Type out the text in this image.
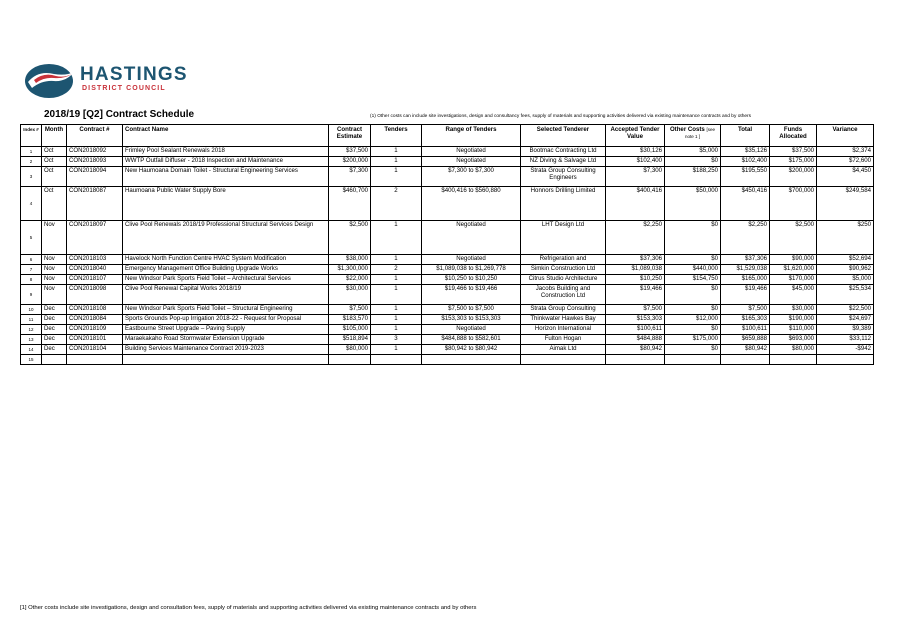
HASTINGS
DISTRICT COUNCIL
2018/19 [Q2] Contract Schedule	(1) Other costs can include site investigations, design and consultancy fees, supply of materials and supporting activities delivered via existing maintenance contracts and by others
Index #	Month	Contract #	Contract Name	Contract Estimate	Tenders	Range of Tenders	Selected Tenderer	Accepted Tender Value	Other Costs [see note 1 ]	Total	Funds Allocated	Variance
1	Oct	CON2018092	Frimley Pool Sealant Renewals 2018	$37,500	1	Negotiated	Bootmac Contracting Ltd	$30,126	$5,000	$35,126	$37,500	$2,374
2	Oct	CON2018093	WWTP Outfall Diffuser - 2018 Inspection and Maintenance	$200,000	1	Negotiated	NZ Diving & Salvage Ltd	$102,400	$0	$102,400	$175,000	$72,600
3	Oct	CON2018094	New Haumoana Domain Toilet - Structural Engineering Services	$7,300	1	$7,300 to $7,300	Strata Group Consulting Engineers	$7,300	$188,250	$195,550	$200,000	$4,450
4	Oct	CON2018087	Haumoana Public Water Supply Bore	$460,700	2	$400,416 to $560,880	Honnors Drilling Limited	$400,416	$50,000	$450,416	$700,000	$249,584
5	Nov	CON2018097	Clive Pool Renewals 2018/19 Professional Structural Services Design	$2,500	1	Negotiated	LHT Design Ltd	$2,250	$0	$2,250	$2,500	$250
6	Nov	CON2018103	Havelock North Function Centre HVAC System Modification	$38,000	1	Negotiated	Refrigeration and	$37,306	$0	$37,306	$90,000	$52,694
7	Nov	CON2018040	Emergency Management Office Building Upgrade Works	$1,300,000	2	$1,089,038 to $1,269,778	Simkin Construction Ltd	$1,089,038	$440,000	$1,529,038	$1,620,000	$90,962
8	Nov	CON2018107	New Windsor Park Sports Field Toilet – Architectural Services	$22,000	1	$10,250 to $10,250	Citrus Studio Architecture	$10,250	$154,750	$165,000	$170,000	$5,000
9	Nov	CON2018098	Clive Pool Renewal Capital Works 2018/19	$30,000	1	$19,466 to $19,466	Jacobs Building and Construction Ltd	$19,466	$0	$19,466	$45,000	$25,534
10	Dec	CON2018108	New Windsor Park Sports Field Toilet – Structural Engineering	$7,500	1	$7,500 to $7,500	Strata Group Consulting	$7,500	$0	$7,500	$30,000	$22,500
11	Dec	CON2018084	Sports Grounds Pop-up Irrigation 2018-22 - Request for Proposal	$183,570	1	$153,303 to $153,303	Thinkwater Hawkes Bay	$153,303	$12,000	$165,303	$190,000	$24,697
12	Dec	CON2018109	Eastbourne Street Upgrade – Paving Supply	$105,000	1	Negotiated	Horizon International	$100,611	$0	$100,611	$110,000	$9,389
13	Dec	CON2018101	Maraekakaho Road Stormwater Extension Upgrade	$518,894	3	$484,888 to $582,601	Fulton Hogan	$484,888	$175,000	$659,888	$693,000	$33,112
14	Dec	CON2018104	Building Services Maintenance Contract 2019-2023	$80,000	1	$80,942 to $80,942	Aimak Ltd	$80,942	$0	$80,942	$80,000	-$942
15												
[1] Other costs include site investigations, design and consultation fees, supply of materials and supporting activities delivered via existing maintenance contracts and by others
